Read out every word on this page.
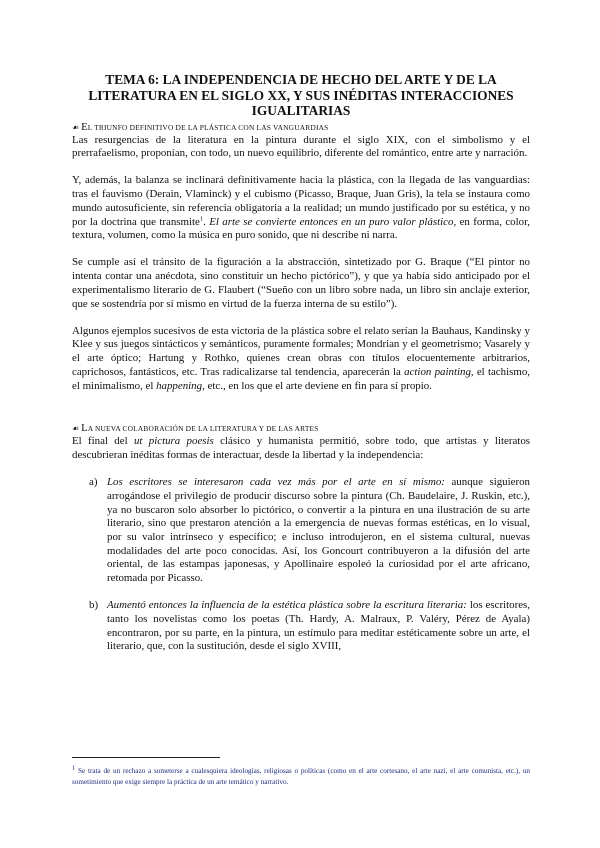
TEMA 6: LA INDEPENDENCIA DE HECHO DEL ARTE Y DE LA LITERATURA EN EL SIGLO XX, Y SUS INÉDITAS INTERACCIONES IGUALITARIAS
☙ EL TRIUNFO DEFINITIVO DE LA PLÁSTICA CON LAS VANGUARDIAS

Las resurgencias de la literatura en la pintura durante el siglo XIX, con el simbolismo y el prerrafaelismo, proponían, con todo, un nuevo equilibrio, diferente del romántico, entre arte y narración.

Y, además, la balanza se inclinará definitivamente hacia la plástica, con la llegada de las vanguardias: tras el fauvismo (Derain, Vlaminck) y el cubismo (Picasso, Braque, Juan Gris), la tela se instaura como mundo autosuficiente, sin referencia obligatoria a la realidad; un mundo justificado por su estética, y no por la doctrina que transmite$^1$. El arte se convierte entonces en un puro valor plástico, en forma, color, textura, volumen, como la música en puro sonido, que ni describe ni narra.

Se cumple así el tránsito de la figuración a la abstracción, sintetizado por G. Braque (“El pintor no intenta contar una anécdota, sino constituir un hecho pictórico”), y que ya había sido anticipado por el experimentalismo literario de G. Flaubert (“Sueño con un libro sobre nada, un libro sin anclaje exterior, que se sostendría por sí mismo en virtud de la fuerza interna de su estilo”).

Algunos ejemplos sucesivos de esta victoria de la plástica sobre el relato serían la Bauhaus, Kandinsky y Klee y sus juegos sintácticos y semánticos, puramente formales; Mondrian y el geometrismo; Vasarely y el arte óptico; Hartung y Rothko, quienes crean obras con títulos elocuentemente arbitrarios, caprichosos, fantásticos, etc. Tras radicalizarse tal tendencia, aparecerán la action painting, el tachismo, el minimalismo, el happening, etc., en los que el arte deviene en fin para sí propio.

☙ LA NUEVA COLABORACIÓN DE LA LITERATURA Y DE LAS ARTES

El final del ut pictura poesis clásico y humanista permitió, sobre todo, que artistas y literatos descubrieran inéditas formas de interactuar, desde la libertad y la independencia:

a) Los escritores se interesaron cada vez más por el arte en sí mismo: aunque siguieron arrogándose el privilegio de producir discurso sobre la pintura (Ch. Baudelaire, J. Ruskin, etc.), ya no buscaron solo absorber lo pictórico, o convertir a la pintura en una ilustración de su arte literario, sino que prestaron atención a la emergencia de nuevas formas estéticas, en lo visual, por su valor intrínseco y específico; e incluso introdujeron, en el sistema cultural, nuevas modalidades del arte poco conocidas. Así, los Goncourt contribuyeron a la difusión del arte oriental, de las estampas japonesas, y Apollinaire espoleó la curiosidad por el arte africano, retomada por Picasso.

b) Aumentó entonces la influencia de la estética plástica sobre la escritura literaria: los escritores, tanto los novelistas como los poetas (Th. Hardy, A. Malraux, P. Valéry, Pérez de Ayala) encontraron, por su parte, en la pintura, un estímulo para meditar estéticamente sobre un arte, el literario, que, con la sustitución, desde el siglo XVIII,

$^1$ Se trata de un rechazo a someterse a cualesquiera ideologías, religiosas o políticas (como en el arte cortesano, el arte nazi, el arte comunista, etc.), un sometimiento que exige siempre la práctica de un arte temático y narrativo.
